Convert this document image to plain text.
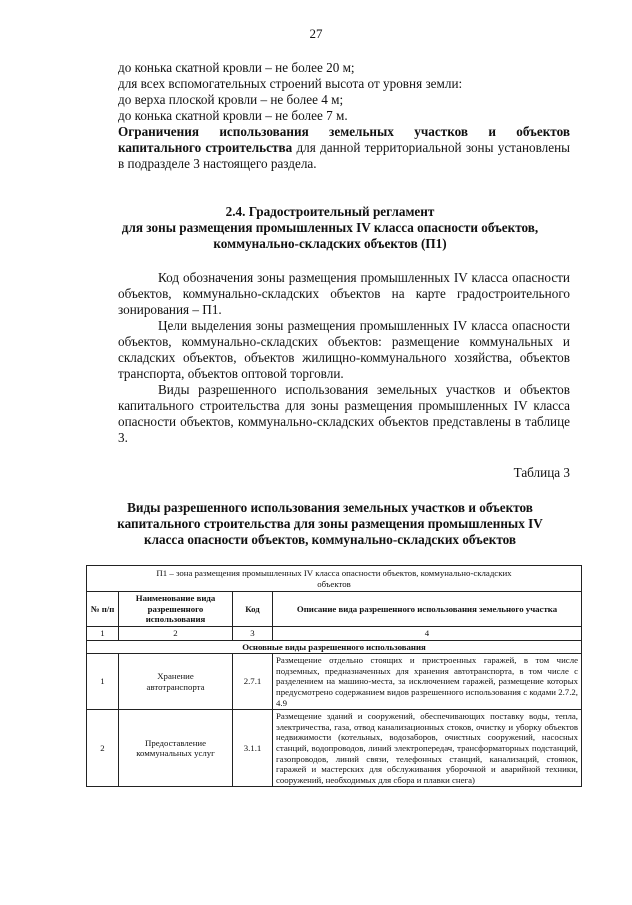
27
до конька скатной кровли – не более 20 м;
для всех вспомогательных строений высота от уровня земли:
до верха плоской кровли – не более 4 м;
до конька скатной кровли – не более 7 м.
Ограничения использования земельных участков и объектов капитального строительства для данной территориальной зоны установлены в подразделе 3 настоящего раздела.
2.4. Градостроительный регламент
для зоны размещения промышленных IV класса опасности объектов,
коммунально-складских объектов (П1)
Код обозначения зоны размещения промышленных IV класса опасности объектов, коммунально-складских объектов на карте градостроительного зонирования – П1.
Цели выделения зоны размещения промышленных IV класса опасности объектов, коммунально-складских объектов: размещение коммунальных и складских объектов, объектов жилищно-коммунального хозяйства, объектов транспорта, объектов оптовой торговли.
Виды разрешенного использования земельных участков и объектов капитального строительства для зоны размещения промышленных IV класса опасности объектов, коммунально-складских объектов представлены в таблице 3.
Таблица 3
Виды разрешенного использования земельных участков и объектов
капитального строительства для зоны размещения промышленных IV
класса опасности объектов, коммунально-складских объектов
П1 – зона размещения промышленных IV класса опасности объектов, коммунально-складских объектов			
№ п/п	Наименование вида разрешенного использования	Код	Описание вида разрешенного использования земельного участка
1	2	3	4
Основные виды разрешенного использования			
1	Хранение автотранспорта	2.7.1	Размещение отдельно стоящих и пристроенных гаражей, в том числе подземных, предназначенных для хранения автотранспорта, в том числе с разделением на машино-места, за исключением гаражей, размещение которых предусмотрено содержанием видов разрешенного использования с кодами 2.7.2, 4.9
2	Предоставление коммунальных услуг	3.1.1	Размещение зданий и сооружений, обеспечивающих поставку воды, тепла, электричества, газа, отвод канализационных стоков, очистку и уборку объектов недвижимости (котельных, водозаборов, очистных сооружений, насосных станций, водопроводов, линий электропередач, трансформаторных подстанций, газопроводов, линий связи, телефонных станций, канализаций, стоянок, гаражей и мастерских для обслуживания уборочной и аварийной техники, сооружений, необходимых для сбора и плавки снега)
